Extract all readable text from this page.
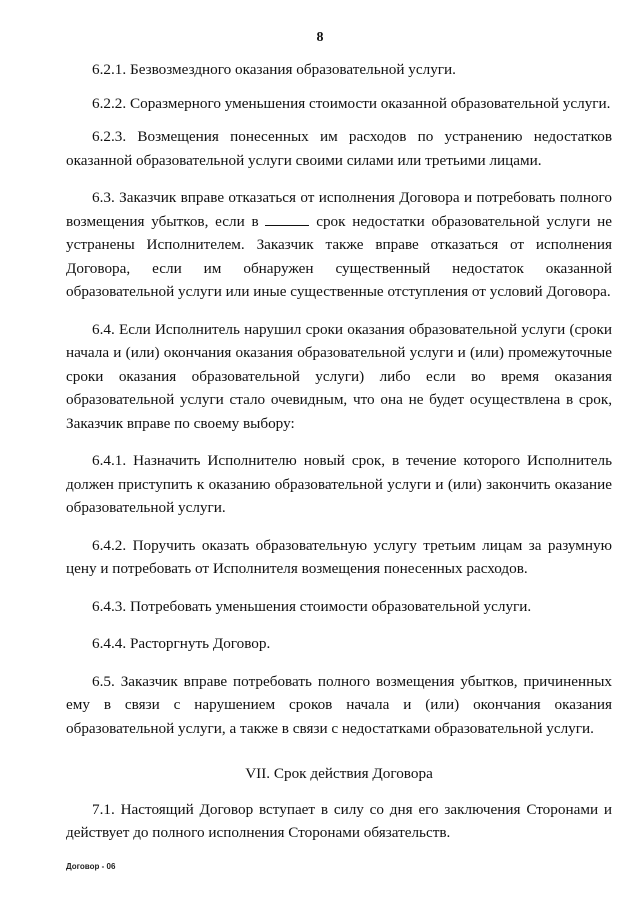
8

6.2.1. Безвозмездного оказания образовательной услуги.

6.2.2. Соразмерного уменьшения стоимости оказанной образовательной услуги.

6.2.3. Возмещения понесенных им расходов по устранению недостатков оказанной образовательной услуги своими силами или третьими лицами.

6.3. Заказчик вправе отказаться от исполнения Договора и потребовать полного возмещения убытков, если в	срок недостатки образовательной услуги не устранены Исполнителем. Заказчик также вправе отказаться от исполнения Договора, если им обнаружен существенный недостаток оказанной образовательной услуги или иные существенные отступления от условий Договора.

6.4. Если Исполнитель нарушил сроки оказания образовательной услуги (сроки начала и (или) окончания оказания образовательной услуги и (или) промежуточные сроки оказания образовательной услуги) либо если во время оказания образовательной услуги стало очевидным, что она не будет осуществлена в срок, Заказчик вправе по своему выбору:

6.4.1. Назначить Исполнителю новый срок, в течение которого Исполнитель должен приступить к оказанию образовательной услуги и (или) закончить оказание образовательной услуги.

6.4.2. Поручить оказать образовательную услугу третьим лицам за разумную цену и потребовать от Исполнителя возмещения понесенных расходов.

6.4.3. Потребовать уменьшения стоимости образовательной услуги.

6.4.4. Расторгнуть Договор.

6.5. Заказчик вправе потребовать полного возмещения убытков, причиненных ему в связи с нарушением сроков начала и (или) окончания оказания образовательной услуги, а также в связи с недостатками образовательной услуги.

VII. Срок действия Договора

7.1. Настоящий Договор вступает в силу со дня его заключения Сторонами и действует до полного исполнения Сторонами обязательств.

Договор - 06
